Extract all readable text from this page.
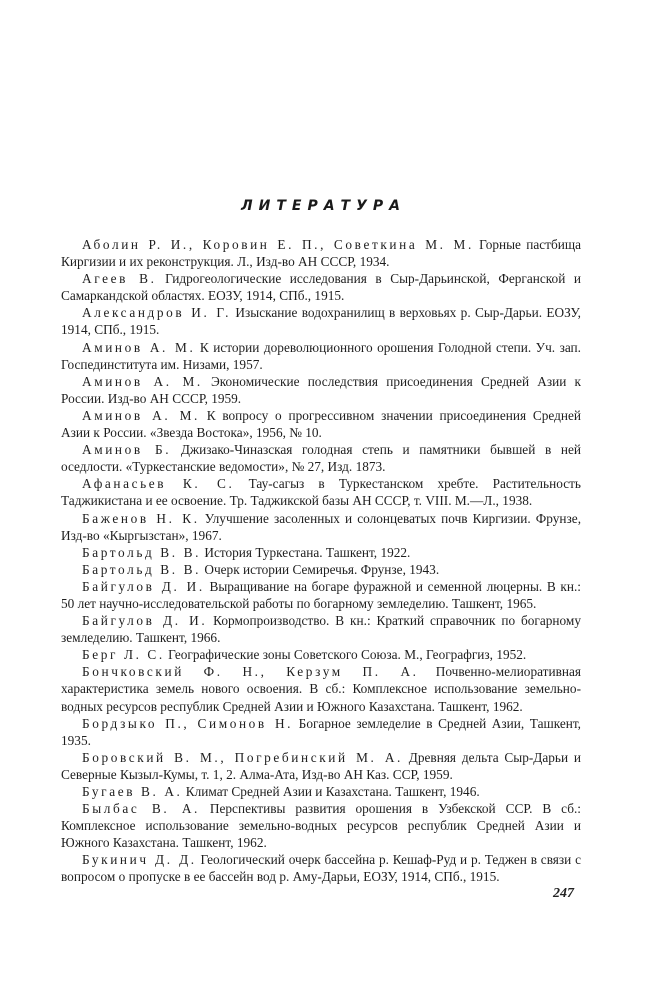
ЛИТЕРАТУРА

Аболин Р. И., Коровин Е. П., Советкина М. М. Горные пастбища Киргизии и их реконструкция. Л., Изд-во АН СССР, 1934.

Агеев В. Гидрогеологические исследования в Сыр-Дарьинской, Ферганской и Самаркандской областях. ЕОЗУ, 1914, СПб., 1915.

Александров И. Г. Изыскание водохранилищ в верховьях р. Сыр-Дарьи. ЕОЗУ, 1914, СПб., 1915.

Аминов А. М. К истории дореволюционного орошения Голодной степи. Уч. зап. Госпединститута им. Низами, 1957.

Аминов А. М. Экономические последствия присоединения Средней Азии к России. Изд-во АН СССР, 1959.

Аминов А. М. К вопросу о прогрессивном значении присоединения Средней Азии к России. «Звезда Востока», 1956, № 10.

Аминов Б. Джизако-Чиназская голодная степь и памятники бывшей в ней оседлости. «Туркестанские ведомости», № 27, Изд. 1873.

Афанасьев К. С. Тау-сагыз в Туркестанском хребте. Растительность Таджикистана и ее освоение. Тр. Таджикской базы АН СССР, т. VIII. М.—Л., 1938.

Баженов Н. К. Улучшение засоленных и солонцеватых почв Киргизии. Фрунзе, Изд-во «Кыргызстан», 1967.

Бартольд В. В. История Туркестана. Ташкент, 1922.

Бартольд В. В. Очерк истории Семиречья. Фрунзе, 1943.

Байгулов Д. И. Выращивание на богаре фуражной и семенной люцерны. В кн.: 50 лет научно-исследовательской работы по богарному земледелию. Ташкент, 1965.

Байгулов Д. И. Кормопроизводство. В кн.: Краткий справочник по богарному земледелию. Ташкент, 1966.

Берг Л. С. Географические зоны Советского Союза. М., Географгиз, 1952.

Бончковский Ф. Н., Керзум П. А. Почвенно-мелиоративная характеристика земель нового освоения. В сб.: Комплексное использование земельно-водных ресурсов республик Средней Азии и Южного Казахстана. Ташкент, 1962.

Бордзыко П., Симонов Н. Богарное земледелие в Средней Азии, Ташкент, 1935.

Боровский В. М., Погребинский М. А. Древняя дельта Сыр-Дарьи и Северные Кызыл-Кумы, т. 1, 2. Алма-Ата, Изд-во АН Каз. ССР, 1959.

Бугаев В. А. Климат Средней Азии и Казахстана. Ташкент, 1946.

Былбас В. А. Перспективы развития орошения в Узбекской ССР. В сб.: Комплексное использование земельно-водных ресурсов республик Средней Азии и Южного Казахстана. Ташкент, 1962.

Букинич Д. Д. Геологический очерк бассейна р. Кешаф-Руд и р. Теджен в связи с вопросом о пропуске в ее бассейн вод р. Аму-Дарьи, ЕОЗУ, 1914, СПб., 1915.

247
